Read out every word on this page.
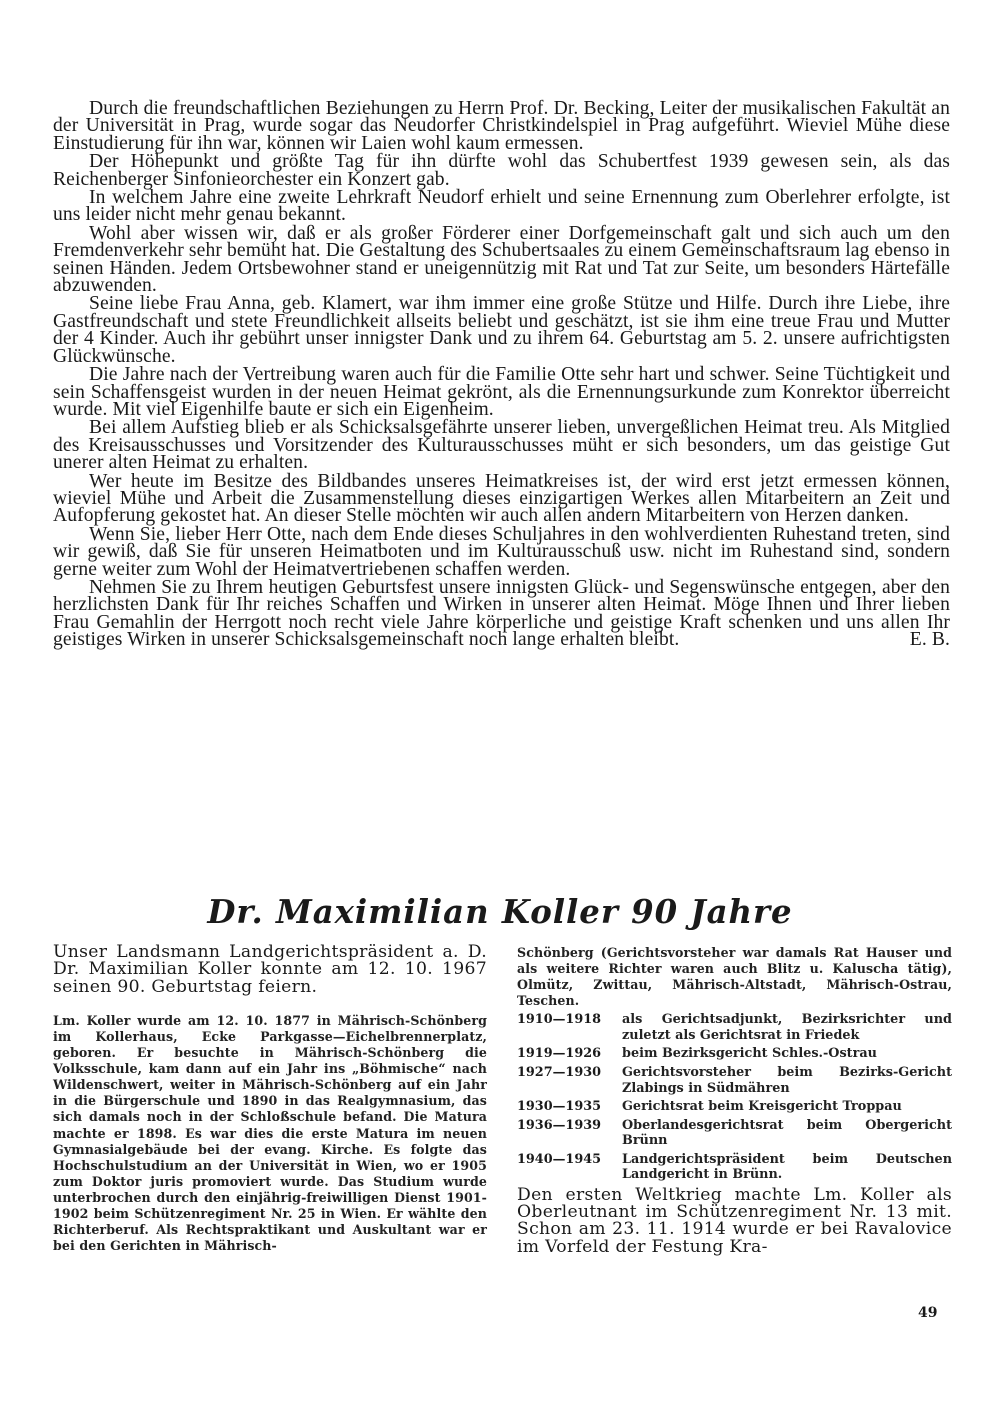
Durch die freundschaftlichen Beziehungen zu Herrn Prof. Dr. Becking, Leiter der musikalischen Fakultät an der Universität in Prag, wurde sogar das Neudorfer Christkindelspiel in Prag aufgeführt. Wieviel Mühe diese Einstudierung für ihn war, können wir Laien wohl kaum ermessen.

Der Höhepunkt und größte Tag für ihn dürfte wohl das Schubertfest 1939 gewesen sein, als das Reichenberger Sinfonieorchester ein Konzert gab.

In welchem Jahre eine zweite Lehrkraft Neudorf erhielt und seine Ernennung zum Oberlehrer erfolgte, ist uns leider nicht mehr genau bekannt.

Wohl aber wissen wir, daß er als großer Förderer einer Dorfgemeinschaft galt und sich auch um den Fremdenverkehr sehr bemüht hat. Die Gestaltung des Schubertsaales zu einem Gemeinschaftsraum lag ebenso in seinen Händen. Jedem Ortsbewohner stand er uneigennützig mit Rat und Tat zur Seite, um besonders Härtefälle abzuwenden.

Seine liebe Frau Anna, geb. Klamert, war ihm immer eine große Stütze und Hilfe. Durch ihre Liebe, ihre Gastfreundschaft und stete Freundlichkeit allseits beliebt und geschätzt, ist sie ihm eine treue Frau und Mutter der 4 Kinder. Auch ihr gebührt unser innigster Dank und zu ihrem 64. Geburtstag am 5. 2. unsere aufrichtigsten Glückwünsche.

Die Jahre nach der Vertreibung waren auch für die Familie Otte sehr hart und schwer. Seine Tüchtigkeit und sein Schaffensgeist wurden in der neuen Heimat gekrönt, als die Ernennungsurkunde zum Konrektor überreicht wurde. Mit viel Eigenhilfe baute er sich ein Eigenheim.

Bei allem Aufstieg blieb er als Schicksalsgefährte unserer lieben, unvergeßlichen Heimat treu. Als Mitglied des Kreisausschusses und Vorsitzender des Kulturausschusses müht er sich besonders, um das geistige Gut unerer alten Heimat zu erhalten.

Wer heute im Besitze des Bildbandes unseres Heimatkreises ist, der wird erst jetzt ermessen können, wieviel Mühe und Arbeit die Zusammenstellung dieses einzigartigen Werkes allen Mitarbeitern an Zeit und Aufopferung gekostet hat. An dieser Stelle möchten wir auch allen andern Mitarbeitern von Herzen danken.

Wenn Sie, lieber Herr Otte, nach dem Ende dieses Schuljahres in den wohlverdienten Ruhestand treten, sind wir gewiß, daß Sie für unseren Heimatboten und im Kulturausschuß usw. nicht im Ruhestand sind, sondern gerne weiter zum Wohl der Heimatvertriebenen schaffen werden.

Nehmen Sie zu Ihrem heutigen Geburtsfest unsere innigsten Glück- und Segenswünsche entgegen, aber den herzlichsten Dank für Ihr reiches Schaffen und Wirken in unserer alten Heimat. Möge Ihnen und Ihrer lieben Frau Gemahlin der Herrgott noch recht viele Jahre körperliche und geistige Kraft schenken und uns allen Ihr geistiges Wirken in unserer Schicksalsgemeinschaft noch lange erhalten bleibt.	E. B.

Dr. Maximilian Koller 90 Jahre

Unser Landsmann Landgerichtspräsident a. D. Dr. Maximilian Koller konnte am 12. 10. 1967 seinen 90. Geburtstag feiern.

Lm. Koller wurde am 12. 10. 1877 in Mährisch-Schönberg im Kollerhaus, Ecke Parkgasse—Eichelbrennerplatz, geboren. Er besuchte in Mährisch-Schönberg die Volksschule, kam dann auf ein Jahr ins „Böhmische“ nach Wildenschwert, weiter in Mährisch-Schönberg auf ein Jahr in die Bürgerschule und 1890 in das Realgymnasium, das sich damals noch in der Schloßschule befand. Die Matura machte er 1898. Es war dies die erste Matura im neuen Gymnasialgebäude bei der evang. Kirche. Es folgte das Hochschulstudium an der Universität in Wien, wo er 1905 zum Doktor juris promoviert wurde. Das Studium wurde unterbrochen durch den einjährig-freiwilligen Dienst 1901-1902 beim Schützenregiment Nr. 25 in Wien. Er wählte den Richterberuf. Als Rechtspraktikant und Auskultant war er bei den Gerichten in Mährisch-

Schönberg (Gerichtsvorsteher war damals Rat Hauser und als weitere Richter waren auch Blitz u. Kaluscha tätig), Olmütz, Zwittau, Mährisch-Altstadt, Mährisch-Ostrau, Teschen.

1910—1918	als Gerichtsadjunkt, Bezirksrichter und zuletzt als Gerichtsrat in Friedek
1919—1926	beim Bezirksgericht Schles.-Ostrau
1927—1930	Gerichtsvorsteher beim Bezirks-Gericht Zlabings in Südmähren
1930—1935	Gerichtsrat beim Kreisgericht Troppau
1936—1939	Oberlandesgerichtsrat beim Obergericht Brünn
1940—1945	Landgerichtspräsident beim Deutschen Landgericht in Brünn.

Den ersten Weltkrieg machte Lm. Koller als Oberleutnant im Schützenregiment Nr. 13 mit. Schon am 23. 11. 1914 wurde er bei Ravalovice im Vorfeld der Festung Kra-

49
